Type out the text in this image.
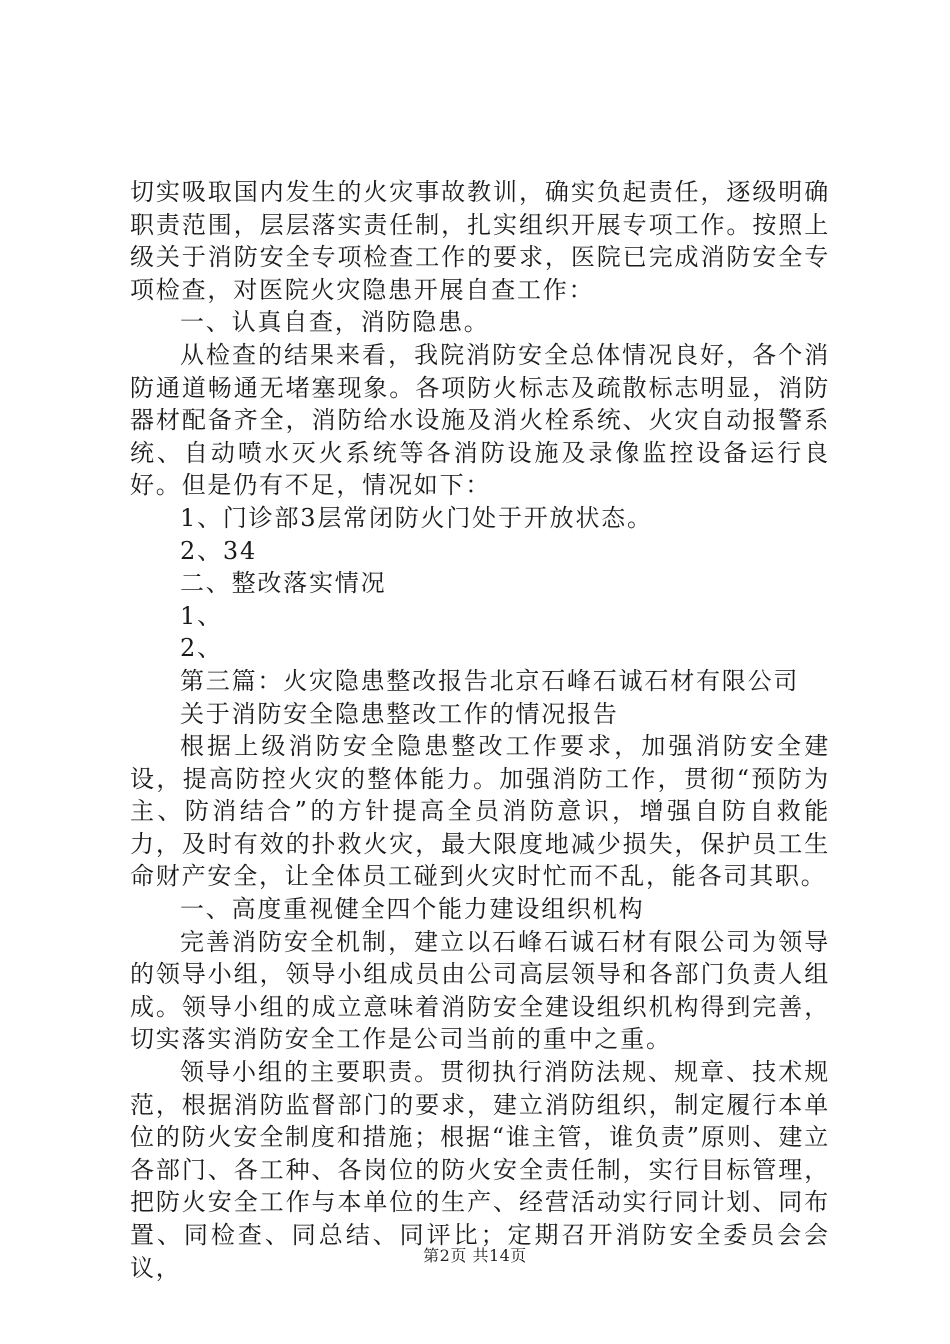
切实吸取国内发生的火灾事故教训，确实负起责任，逐级明确职责范围，层层落实责任制，扎实组织开展专项工作。按照上级关于消防安全专项检查工作的要求，医院已完成消防安全专项检查，对医院火灾隐患开展自查工作：

一、认真自查，消防隐患。

从检查的结果来看，我院消防安全总体情况良好，各个消防通道畅通无堵塞现象。各项防火标志及疏散标志明显，消防器材配备齐全，消防给水设施及消火栓系统、火灾自动报警系统、自动喷水灭火系统等各消防设施及录像监控设备运行良好。但是仍有不足，情况如下：

1、门诊部3层常闭防火门处于开放状态。

2、34

二、整改落实情况

1、

2、

第三篇：火灾隐患整改报告北京石峰石诚石材有限公司

关于消防安全隐患整改工作的情况报告

根据上级消防安全隐患整改工作要求，加强消防安全建设，提高防控火灾的整体能力。加强消防工作，贯彻“预防为主、防消结合”的方针提高全员消防意识，增强自防自救能力，及时有效的扑救火灾，最大限度地减少损失，保护员工生命财产安全，让全体员工碰到火灾时忙而不乱，能各司其职。

一、高度重视健全四个能力建设组织机构

完善消防安全机制，建立以石峰石诚石材有限公司为领导的领导小组，领导小组成员由公司高层领导和各部门负责人组成。领导小组的成立意味着消防安全建设组织机构得到完善，切实落实消防安全工作是公司当前的重中之重。

领导小组的主要职责。贯彻执行消防法规、规章、技术规范，根据消防监督部门的要求，建立消防组织，制定履行本单位的防火安全制度和措施；根据“谁主管，谁负责”原则、建立各部门、各工种、各岗位的防火安全责任制，实行目标管理，把防火安全工作与本单位的生产、经营活动实行同计划、同布置、同检查、同总结、同评比；定期召开消防安全委员会会议，	第2页 共14页
